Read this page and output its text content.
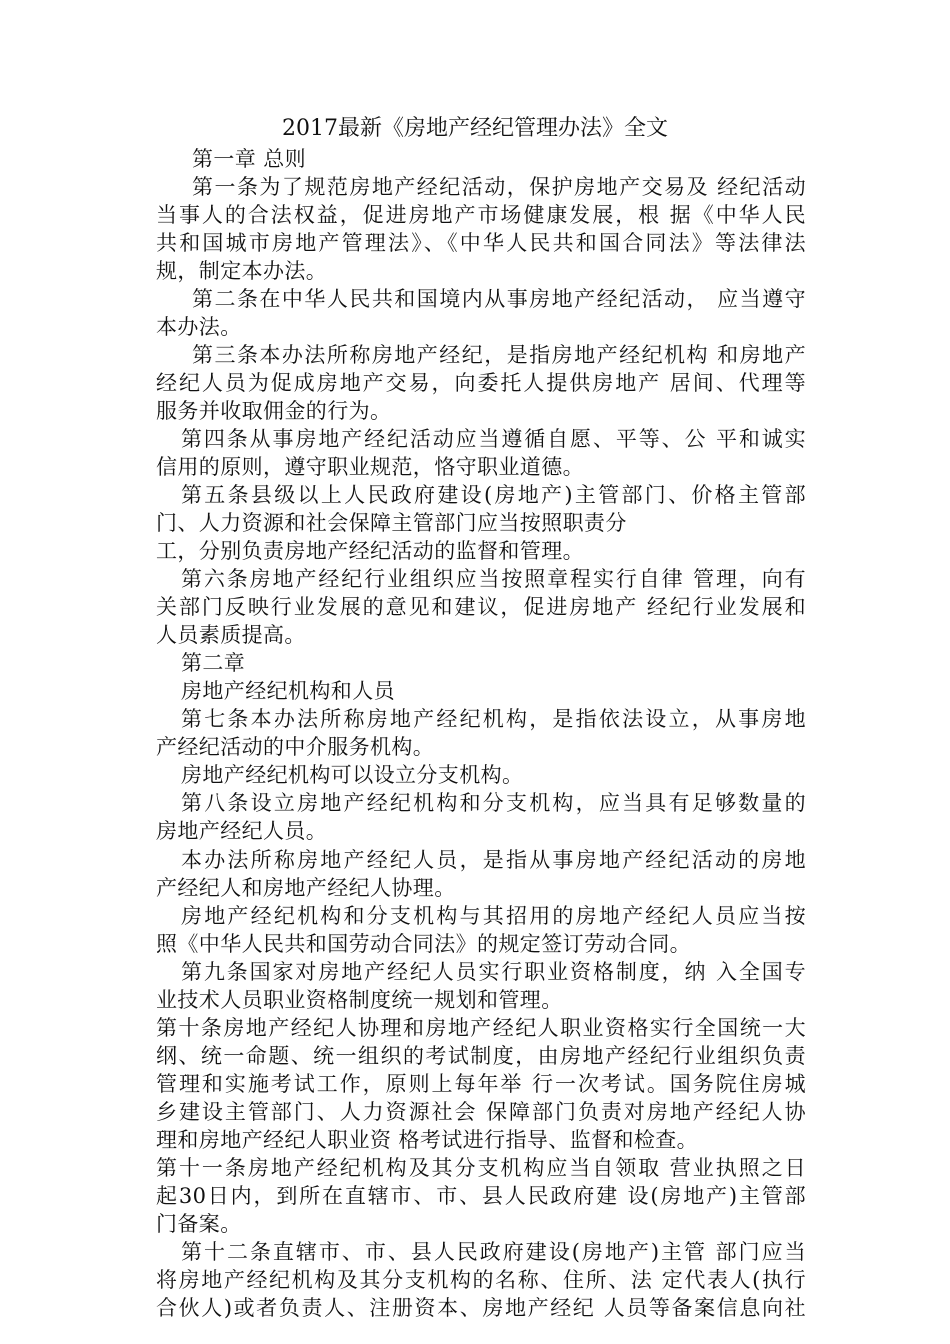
2017最新《房地产经纪管理办法》全文
第一章 总则
第一条为了规范房地产经纪活动，保护房地产交易及 经纪活动
当事人的合法权益，促进房地产市场健康发展，根 据《中华人民
共和国城市房地产管理法》、《中华人民共和国合同法》等法律法
规，制定本办法。
第二条在中华人民共和国境内从事房地产经纪活动， 应当遵守
本办法。
第三条本办法所称房地产经纪，是指房地产经纪机构 和房地产
经纪人员为促成房地产交易，向委托人提供房地产 居间、代理等
服务并收取佣金的行为。
第四条从事房地产经纪活动应当遵循自愿、平等、公 平和诚实
信用的原则，遵守职业规范，恪守职业道德。
第五条县级以上人民政府建设(房地产)主管部门、价格主管部
门、人力资源和社会保障主管部门应当按照职责分
工，分别负责房地产经纪活动的监督和管理。
第六条房地产经纪行业组织应当按照章程实行自律 管理，向有
关部门反映行业发展的意见和建议，促进房地产 经纪行业发展和
人员素质提高。
第二章
房地产经纪机构和人员
第七条本办法所称房地产经纪机构，是指依法设立，从事房地
产经纪活动的中介服务机构。
房地产经纪机构可以设立分支机构。
第八条设立房地产经纪机构和分支机构，应当具有足够数量的
房地产经纪人员。
本办法所称房地产经纪人员，是指从事房地产经纪活动的房地
产经纪人和房地产经纪人协理。
房地产经纪机构和分支机构与其招用的房地产经纪人员应当按
照《中华人民共和国劳动合同法》的规定签订劳动合同。
第九条国家对房地产经纪人员实行职业资格制度，纳 入全国专
业技术人员职业资格制度统一规划和管理。
第十条房地产经纪人协理和房地产经纪人职业资格实行全国统一大
纲、统一命题、统一组织的考试制度，由房地产经纪行业组织负责
管理和实施考试工作，原则上每年举 行一次考试。国务院住房城
乡建设主管部门、人力资源社会 保障部门负责对房地产经纪人协
理和房地产经纪人职业资 格考试进行指导、监督和检查。
第十一条房地产经纪机构及其分支机构应当自领取 营业执照之日
起30日内，到所在直辖市、市、县人民政府建 设(房地产)主管部
门备案。
第十二条直辖市、市、县人民政府建设(房地产)主管 部门应当
将房地产经纪机构及其分支机构的名称、住所、法 定代表人(执行
合伙人)或者负责人、注册资本、房地产经纪 人员等备案信息向社
